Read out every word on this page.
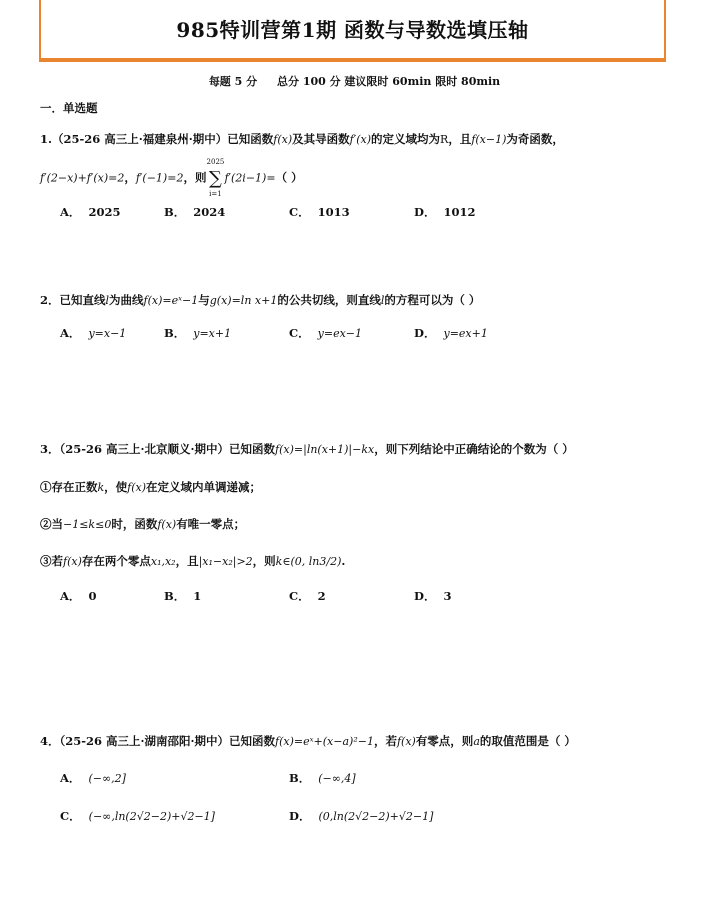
985特训营第1期 函数与导数选填压轴
每题 5 分 总分 100 分 建议限时 60min 限时 80min
一．单选题
1.（25-26 高三上·福建泉州·期中）已知函数f(x)及其导函数f′(x)的定义域均为R，且f(x−1)为奇函数，
f′(2−x)+f′(x)=2，f′(−1)=2，则
2025
∑
i=1
f′(2i−1)=（ ）
A． 2025	B． 2024	C． 1013	D． 1012
2．已知直线l为曲线f(x)=eˣ−1与g(x)=ln x+1的公共切线，则直线l的方程可以为（ ）
A． y=x−1	B． y=x+1	C． y=ex−1	D． y=ex+1
3．（25-26 高三上·北京顺义·期中）已知函数f(x)=|ln(x+1)|−kx，则下列结论中正确结论的个数为（ ）
①存在正数k，使f(x)在定义域内单调递减；
②当−1≤k≤0时，函数f(x)有唯一零点；
③若f(x)存在两个零点x₁,x₂，且|x₁−x₂|>2，则k∈(0, ln3/2).
A． 0	B． 1	C． 2	D． 3
4．（25-26 高三上·湖南邵阳·期中）已知函数f(x)=eˣ+(x−a)²−1，若f(x)有零点，则a的取值范围是（ ）
A． (−∞,2]	B． (−∞,4]
C． (−∞,ln(2√2−2)+√2−1]	D． (0,ln(2√2−2)+√2−1]
